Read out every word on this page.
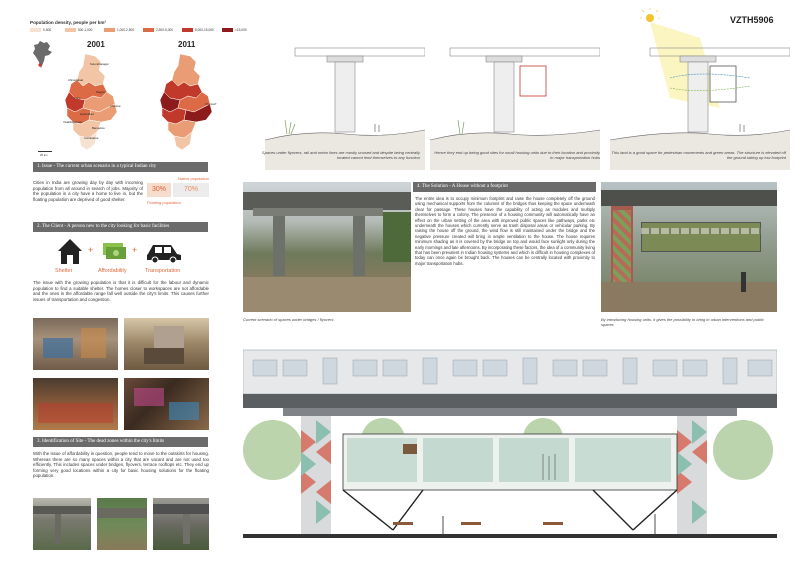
Population density, people per km²
0-500	500-1,000	1,000-2,500	2,500-5,000	5,000-15,000	>15,000
2001	2011
Surendranagar
Ahmedabad
Nagpur
Pune
Chennai
Hyderabad
Visakhapatnam
Bangalore
Coimbatore
Chennai*
25 km
1. Issue - The current urban scenario in a typical Indian city
Cities in India are growing day by day with incoming population from all around in search of jobs. Majority of the population in a city have a home to live in, but the floating population are deprived of good shelter.
Native population
30%	70%
Floating population
2. The Client - A person new to the city looking for basic facilities
+	+
Shelter	Affordability	Transportation
The issue with the growing population is that it is difficult for the labour and dynamic population to find a suitable shelter. The homes closer to workspaces are not affordable and the ones in the affordable range fall well outside the city's limits. This causes further issues of transportation and congestion.
3. Identification of Site - The dead zones within the city's limits
With the issue of affordability in question, people tend to move to the outskirts for housing. Whereas there are so many spaces within a city that are vacant and are not used too efficiently. This includes spaces under bridges, flyovers, terrace rooftops etc. They end up forming very good locations within a city for basic housing solutions for the floating population.
VZTH5906
Spaces under flyovers, rail and metro lines are mostly unused and despite being centrally located cannot lend themselves to any function
Hence they end up being good sites for small housing units due to their location and proximity to major transportation hubs
This land is a good space for pedestrian movements and green areas. The structure is elevated off the ground taking up low footprint
Current scenario of spaces under bridges / flyovers
4. The Solution - A House without a footprint
The entire idea is to occupy minimum footprint and raise the house completely off the ground using mechanical supports from the columns of the bridges thus keeping the space underneath clear for passage. These houses have the capability of acting as modules and multiply themselves to form a colony. The presence of a housing community will automatically have an effect on the urban setting of the area with improved public spaces like pathways, parks etc underneath the houses which currently serve as trash disposal areas or vehicular parking. By raising the house off the ground, the wind flow is still maintained under the bridge and the negative pressure created will bring in ample ventilation to the house. The house requires minimum shading as it is covered by the bridge on top and would face sunlight only during the early mornings and late afternoons. By incorporating these factors, the idea of a community living that has been prevalent in Indian housing systems and which is difficult in housing complexes of today can once again be brought back. The houses can be centrally located with proximity to major transportation hubs.
By introducing housing units, it gives the possibility to bring in urban interventions and public spaces
